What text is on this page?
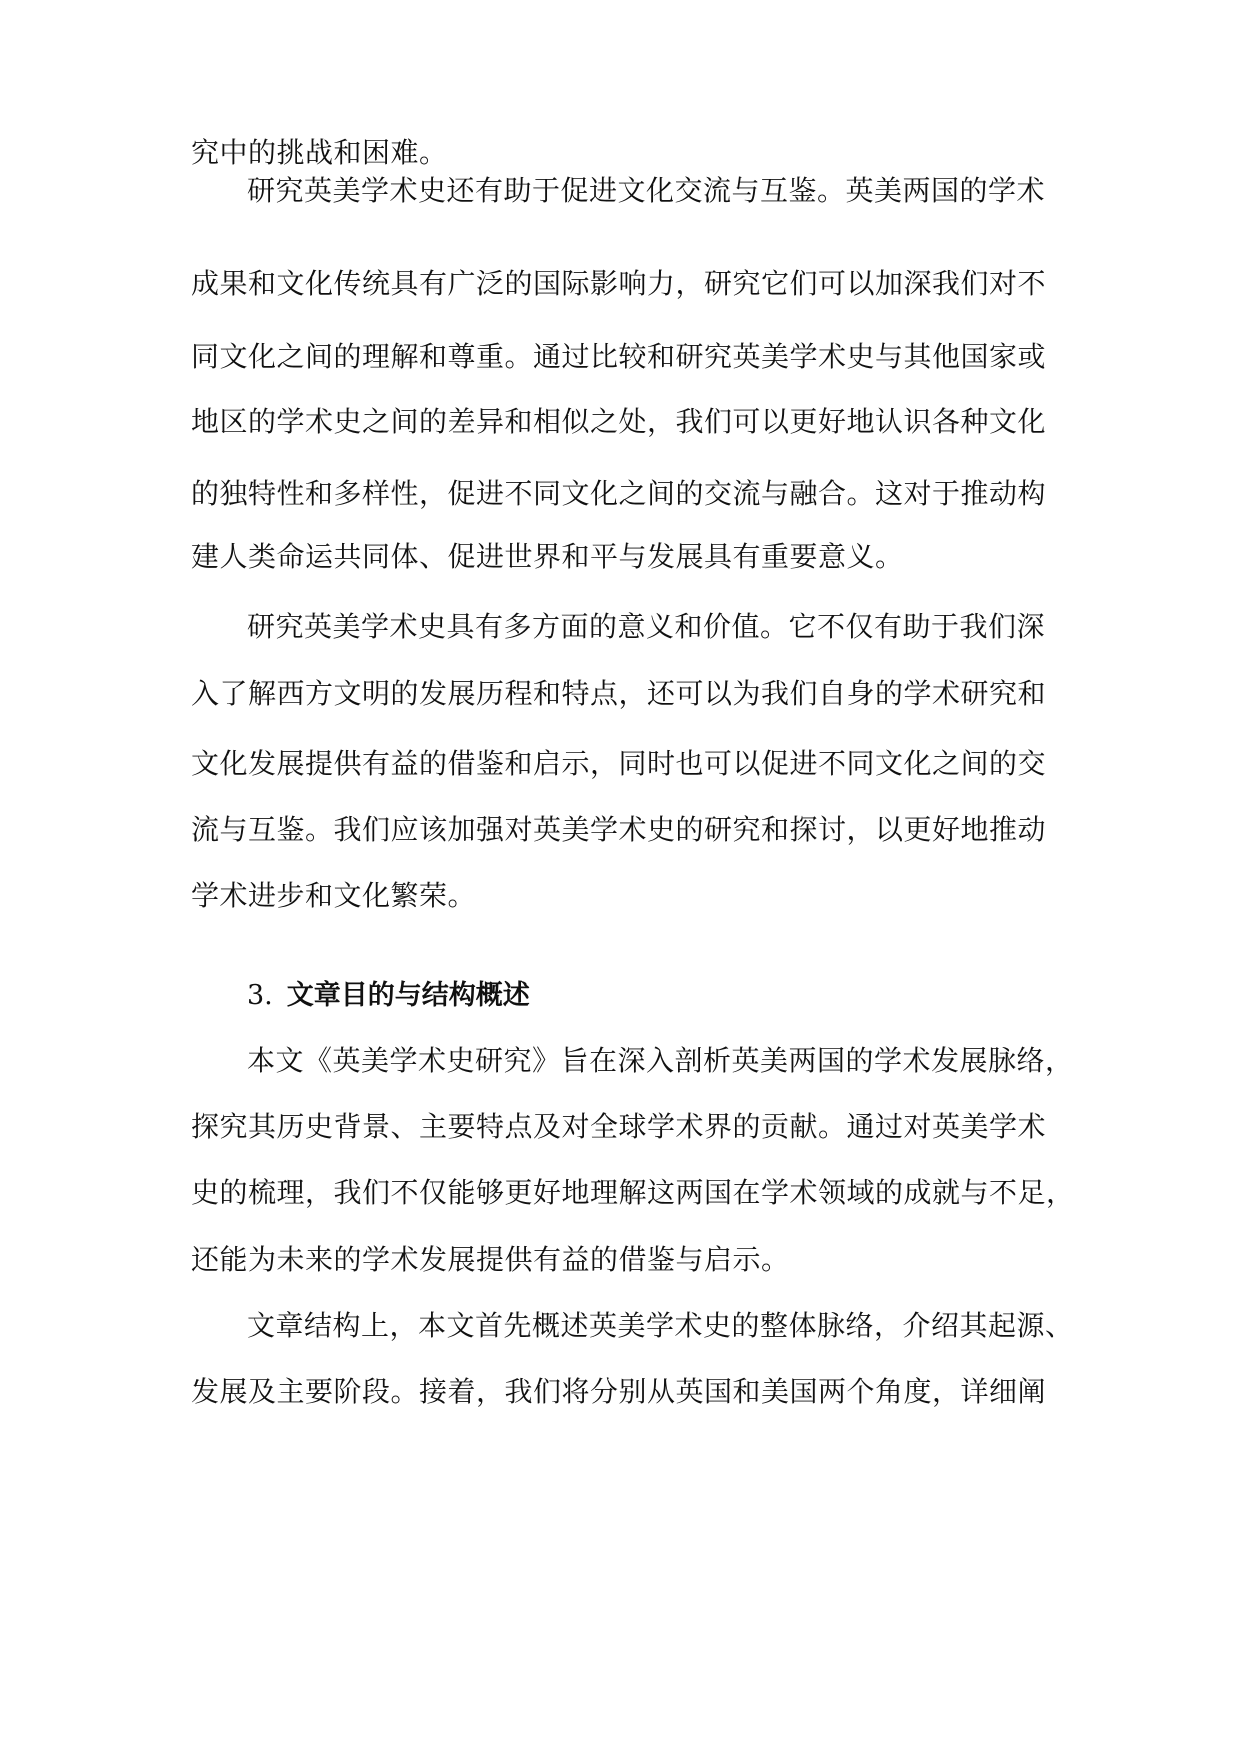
究中的挑战和困难。
研究英美学术史还有助于促进文化交流与互鉴。英美两国的学术
成果和文化传统具有广泛的国际影响力，研究它们可以加深我们对不
同文化之间的理解和尊重。通过比较和研究英美学术史与其他国家或
地区的学术史之间的差异和相似之处，我们可以更好地认识各种文化
的独特性和多样性，促进不同文化之间的交流与融合。这对于推动构
建人类命运共同体、促进世界和平与发展具有重要意义。
研究英美学术史具有多方面的意义和价值。它不仅有助于我们深
入了解西方文明的发展历程和特点，还可以为我们自身的学术研究和
文化发展提供有益的借鉴和启示，同时也可以促进不同文化之间的交
流与互鉴。我们应该加强对英美学术史的研究和探讨，以更好地推动
学术进步和文化繁荣。
3. 文章目的与结构概述
本文《英美学术史研究》旨在深入剖析英美两国的学术发展脉络，
探究其历史背景、主要特点及对全球学术界的贡献。通过对英美学术
史的梳理，我们不仅能够更好地理解这两国在学术领域的成就与不足，
还能为未来的学术发展提供有益的借鉴与启示。
文章结构上，本文首先概述英美学术史的整体脉络，介绍其起源、
发展及主要阶段。接着，我们将分别从英国和美国两个角度，详细阐
